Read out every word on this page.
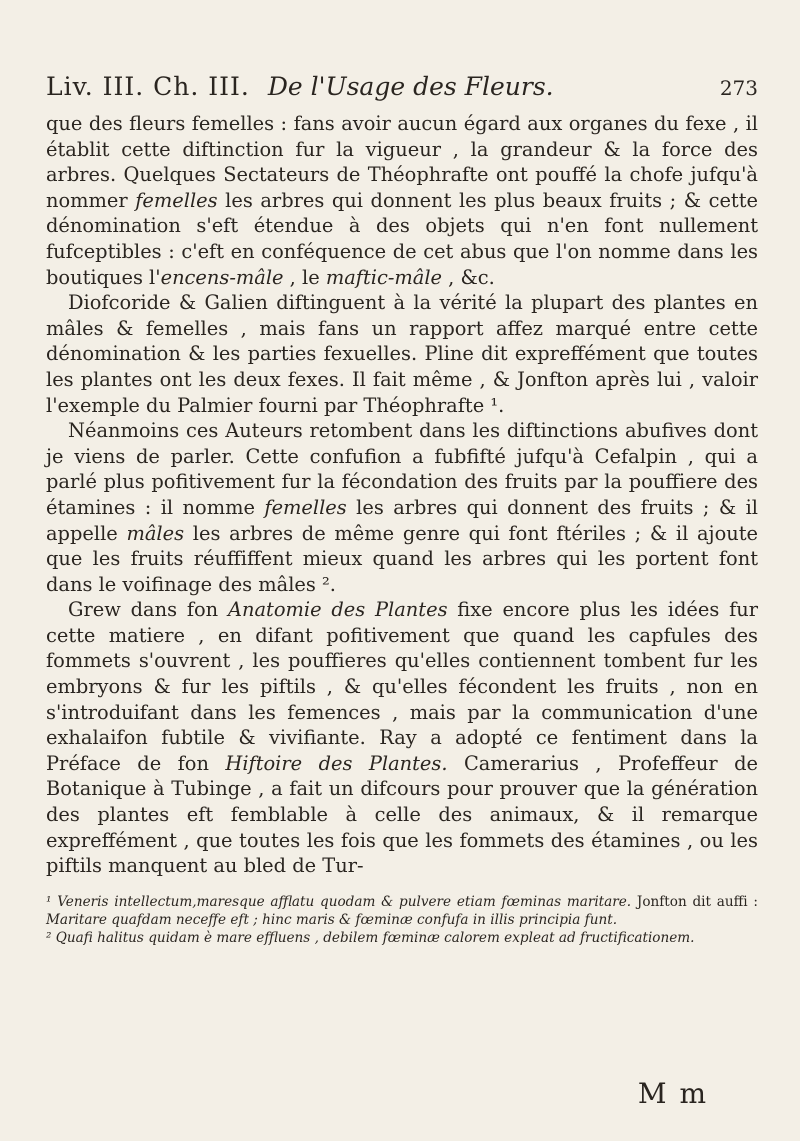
Liv. III. Ch. III. De l'Usage des Fleurs.	273

que des fleurs femelles : fans avoir aucun égard aux organes du fexe , il établit cette diftinction fur la vigueur , la grandeur & la force des arbres. Quelques Sectateurs de Théophrafte ont pouffé la chofe jufqu'à nommer femelles les arbres qui donnent les plus beaux fruits ; & cette dénomination s'eft étendue à des objets qui n'en font nullement fufceptibles : c'eft en conféquence de cet abus que l'on nomme dans les boutiques l'encens-mâle , le maftic-mâle , &c.

Diofcoride & Galien diftinguent à la vérité la plupart des plantes en mâles & femelles , mais fans un rapport affez marqué entre cette dénomination & les parties fexuelles. Pline dit expreffément que toutes les plantes ont les deux fexes. Il fait même , & Jonfton après lui , valoir l'exemple du Palmier fourni par Théophrafte ¹.

Néanmoins ces Auteurs retombent dans les diftinctions abufives dont je viens de parler. Cette confufion a fubfifté jufqu'à Cefalpin , qui a parlé plus pofitivement fur la fécondation des fruits par la pouffiere des étamines : il nomme femelles les arbres qui donnent des fruits ; & il appelle mâles les arbres de même genre qui font ftériles ; & il ajoute que les fruits réuffiffent mieux quand les arbres qui les portent font dans le voifinage des mâles ².

Grew dans fon Anatomie des Plantes fixe encore plus les idées fur cette matiere , en difant pofitivement que quand les capfules des fommets s'ouvrent , les pouffieres qu'elles contiennent tombent fur les embryons & fur les piftils , & qu'elles fécondent les fruits , non en s'introduifant dans les femences , mais par la communication d'une exhalaifon fubtile & vivifiante. Ray a adopté ce fentiment dans la Préface de fon Hiftoire des Plantes. Camerarius , Profeffeur de Botanique à Tubinge , a fait un difcours pour prouver que la génération des plantes eft femblable à celle des animaux, & il remarque expreffément , que toutes les fois que les fommets des étamines , ou les piftils manquent au bled de Tur-

¹ Veneris intellectum,maresque afflatu quodam & pulvere etiam fœminas maritare. Jonfton dit auffi : Maritare quafdam neceffe eft ; hinc maris & fœminæ confufa in illis principia funt.

² Quafi halitus quidam è mare effluens , debilem fœminæ calorem expleat ad fructificationem.

M m
